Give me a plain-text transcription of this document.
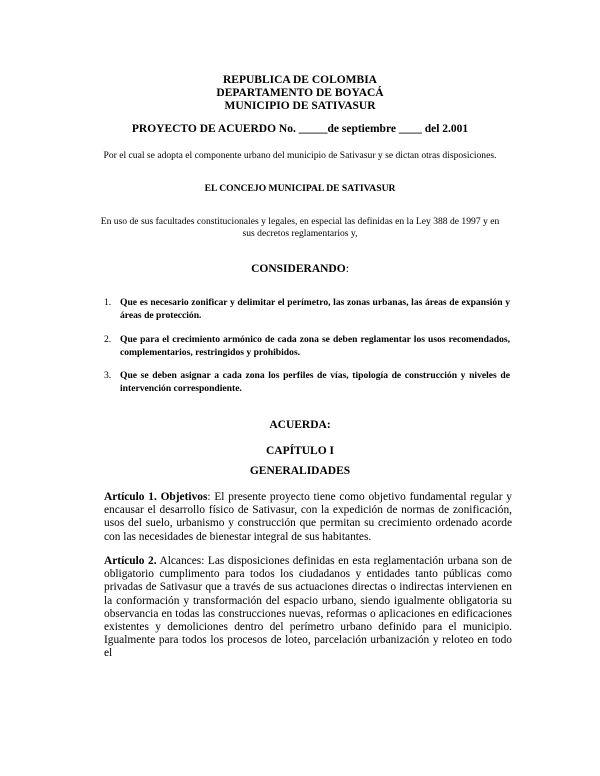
REPUBLICA DE COLOMBIA
DEPARTAMENTO DE BOYACÁ
MUNICIPIO DE SATIVASUR
PROYECTO DE ACUERDO No. _____de septiembre ____ del 2.001
Por el cual se adopta el componente urbano del municipio de Sativasur y se dictan otras disposiciones.
EL CONCEJO MUNICIPAL DE SATIVASUR
En uso de sus facultades constitucionales y legales, en especial las definidas en la Ley 388 de 1997 y en sus decretos reglamentarios y,
CONSIDERANDO:
1. Que es necesario zonificar y delimitar el perímetro, las zonas urbanas, las áreas de expansión y áreas de protección.
2. Que para el crecimiento armónico de cada zona se deben reglamentar los usos recomendados, complementarios, restringidos y prohibidos.
3. Que se deben asignar a cada zona los perfiles de vías, tipología de construcción y niveles de intervención correspondiente.
ACUERDA:
CAPÍTULO I
GENERALIDADES
Artículo 1. Objetivos: El presente proyecto tiene como objetivo fundamental regular y encausar el desarrollo físico de Sativasur, con la expedición de normas de zonificación, usos del suelo, urbanismo y construcción que permitan su crecimiento ordenado acorde con las necesidades de bienestar integral de sus habitantes.
Artículo 2. Alcances: Las disposiciones definidas en esta reglamentación urbana son de obligatorio cumplimento para todos los ciudadanos y entidades tanto públicas como privadas de Sativasur que a través de sus actuaciones directas o indirectas intervienen en la conformación y transformación del espacio urbano, siendo igualmente obligatoria su observancia en todas las construcciones nuevas, reformas o aplicaciones en edificaciones existentes y demoliciones dentro del perímetro urbano definido para el municipio. Igualmente para todos los procesos de loteo, parcelación urbanización y reloteo en todo el
